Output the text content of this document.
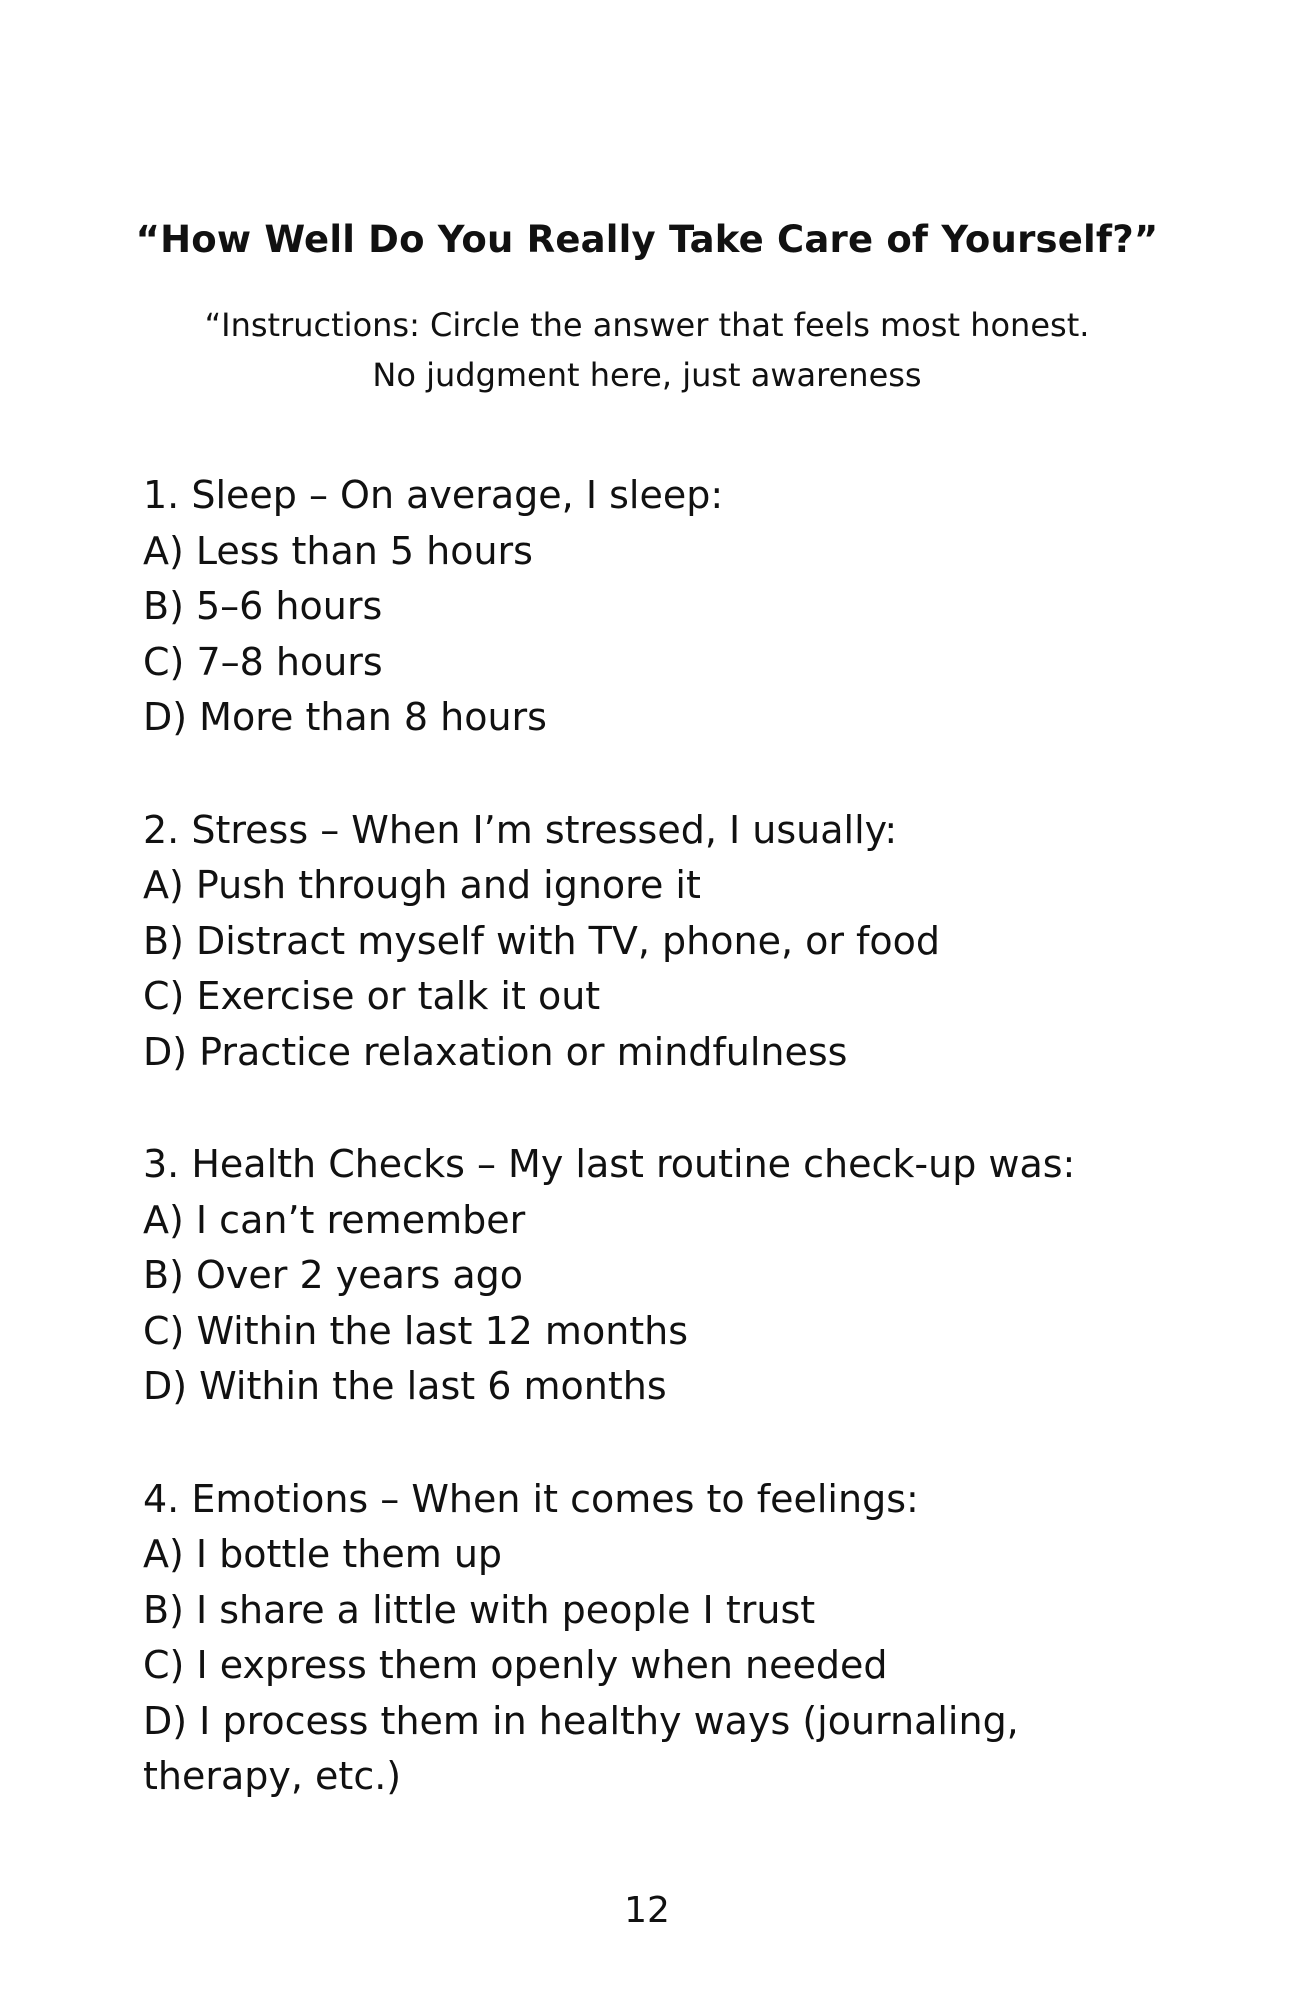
“How Well Do You Really Take Care of Yourself?”
“Instructions: Circle the answer that feels most honest.
No judgment here, just awareness
1. Sleep – On average, I sleep:
A) Less than 5 hours
B) 5–6 hours
C) 7–8 hours
D) More than 8 hours
2. Stress – When I’m stressed, I usually:
A) Push through and ignore it
B) Distract myself with TV, phone, or food
C) Exercise or talk it out
D) Practice relaxation or mindfulness
3. Health Checks – My last routine check-up was:
A) I can’t remember
B) Over 2 years ago
C) Within the last 12 months
D) Within the last 6 months
4. Emotions – When it comes to feelings:
A) I bottle them up
B) I share a little with people I trust
C) I express them openly when needed
D) I process them in healthy ways (journaling, therapy, etc.)
12
